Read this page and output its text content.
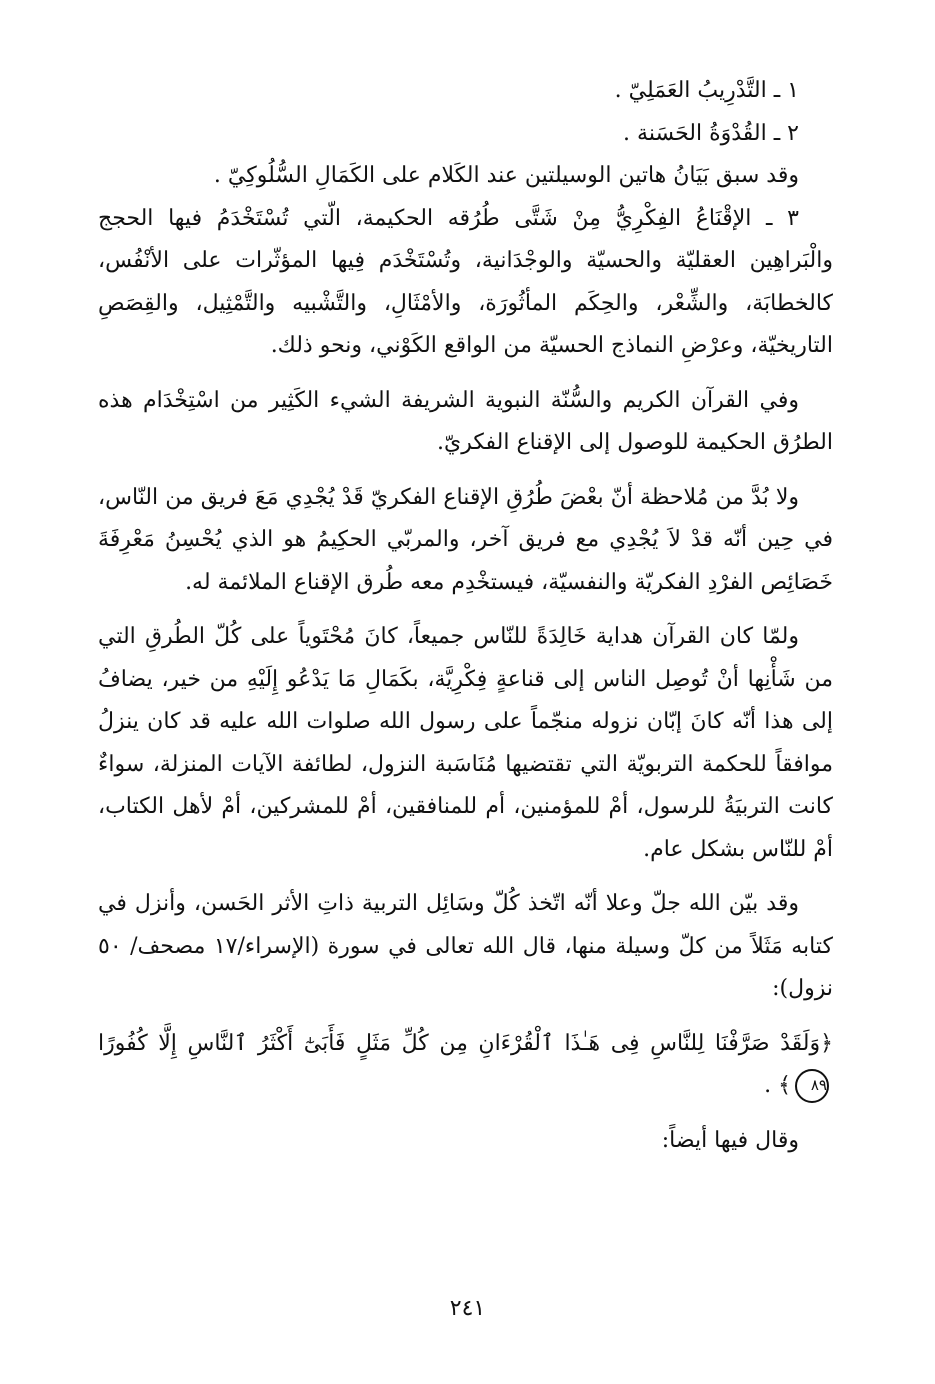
١ ـ التَّدْرِيبُ العَمَلِيّ .

٢ ـ القُدْوَةُ الحَسَنة .

وقد سبق بَيَانُ هاتين الوسيلتين عند الكَلام على الكَمَالِ السُّلُوكِيّ .

٣ ـ الإقْنَاعُ الفِكْرِيُّ مِنْ شَتَّى طُرُقه الحكيمة، الّتي تُسْتَخْدَمُ فيها الحجج والْبَراهِين العقليّة والحسيّة والوجْدَانية، وتُسْتَخْدَم فِيها المؤثّرات على الأنْفُس، كالخطابَة، والشِّعْر، والحِكَم المأثُورَة، والأمْثَالِ، والتَّشْبيه والتَّمْثِيل، والقِصَصِ التاريخيّة، وعرْضِ النماذج الحسيّة من الواقع الكَوْني، ونحو ذلك.

وفي القرآن الكريم والسُّنّة النبوية الشريفة الشيء الكَثِير من اسْتِخْدَام هذه الطرُق الحكيمة للوصول إلى الإقناع الفكريّ.

ولا بُدَّ من مُلاحظة أنّ بعْضَ طُرُقِ الإقناع الفكريّ قَدْ يُجْدِي مَعَ فريق من النّاس، في حِين أنّه قدْ لاَ يُجْدِي مع فريق آخر، والمربّي الحكِيمُ هو الذي يُحْسِنُ مَعْرِفَةَ خَصَائِص الفرْدِ الفكريّة والنفسيّة، فيستخْدِم معه طُرق الإقناع الملائمة له.

ولمّا كان القرآن هداية خَالِدَةً للنّاس جميعاً، كانَ مُحْتَوياً على كُلّ الطُرقِ التي من شَأْنِها أنْ تُوصِل الناس إلى قناعةٍ فِكْرِيَّة، بكَمَالِ مَا يَدْعُو إِلَيْهِ من خير، يضافُ إلى هذا أنّه كانَ إبّان نزوله منجّماً على رسول الله صلوات الله عليه قد كان ينزلُ موافقاً للحكمة التربويّة التي تقتضيها مُنَاسَبة النزول، لطائفة الآيات المنزلة، سواءٌ كانت التربيَةُ للرسول، أمْ للمؤمنين، أم للمنافقين، أمْ للمشركين، أمْ لأهل الكتاب، أمْ للنّاس بشكل عام.

وقد بيّن الله جلّ وعلا أنّه اتّخذ كُلّ وسَائِل التربية ذاتِ الأثر الحَسن، وأنزل في كتابه مَثَلاً من كلّ وسيلة منها، قال الله تعالى في سورة (الإسراء/١٧ مصحف/ ٥٠ نزول):

﴿وَلَقَدْ صَرَّفْنَا لِلنَّاسِ فِى هَـٰذَا ٱلْقُرْءَانِ مِن كُلِّ مَثَلٍ فَأَبَىٰٓ أَكْثَرُ ٱلنَّاسِ إِلَّا كُفُورًا ٨٩﴾ .

وقال فيها أيضاً:

٢٤١
